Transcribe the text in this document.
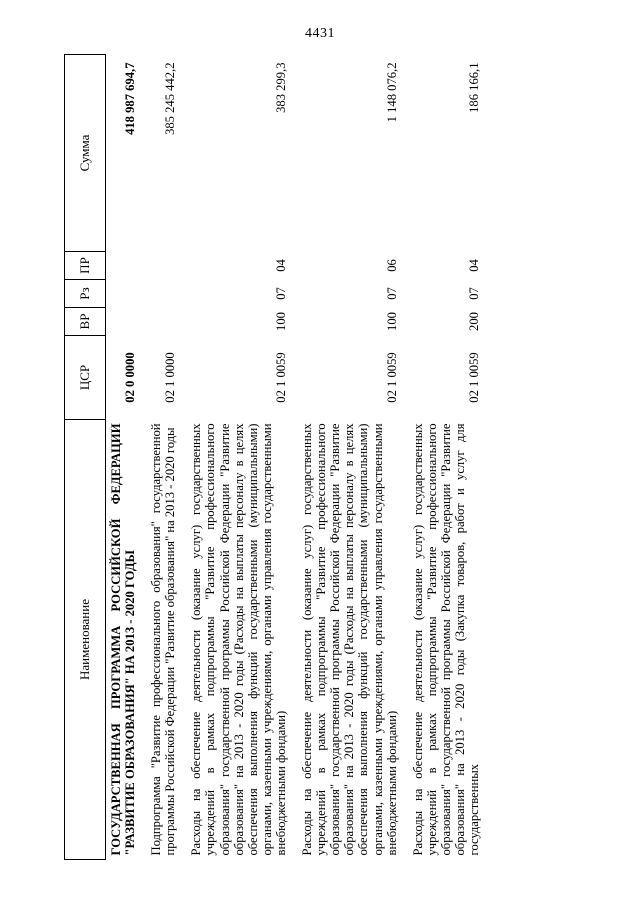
4431
Наименование	ЦСР	ВР	Рз	ПР	Сумма
ГОСУДАРСТВЕННАЯ ПРОГРАММА РОССИЙСКОЙ ФЕДЕРАЦИИ "РАЗВИТИЕ ОБРАЗОВАНИЯ" НА 2013 - 2020 ГОДЫ	02 0 0000				418 987 694,7
Подпрограмма "Развитие профессионального образования" государственной программы Российской Федерации "Развитие образования" на 2013 - 2020 годы	02 1 0000				385 245 442,2
Расходы на обеспечение деятельности (оказание услуг) государственных учреждений в рамках подпрограммы "Развитие профессионального образования" государственной программы Российской Федерации "Развитие образования" на 2013 - 2020 годы (Расходы на выплаты персоналу в целях обеспечения выполнения функций государственными (муниципальными) органами, казенными учреждениями, органами управления государственными внебюджетными фондами)	02 1 0059	100	07	04	383 299,3
Расходы на обеспечение деятельности (оказание услуг) государственных учреждений в рамках подпрограммы "Развитие профессионального образования" государственной программы Российской Федерации "Развитие образования" на 2013 - 2020 годы (Расходы на выплаты персоналу в целях обеспечения выполнения функций государственными (муниципальными) органами, казенными учреждениями, органами управления государственными внебюджетными фондами)	02 1 0059	100	07	06	1 148 076,2
Расходы на обеспечение деятельности (оказание услуг) государственных учреждений в рамках подпрограммы "Развитие профессионального образования" государственной программы Российской Федерации "Развитие образования" на 2013 - 2020 годы (Закупка товаров, работ и услуг для государственных	02 1 0059	200	07	04	186 166,1
